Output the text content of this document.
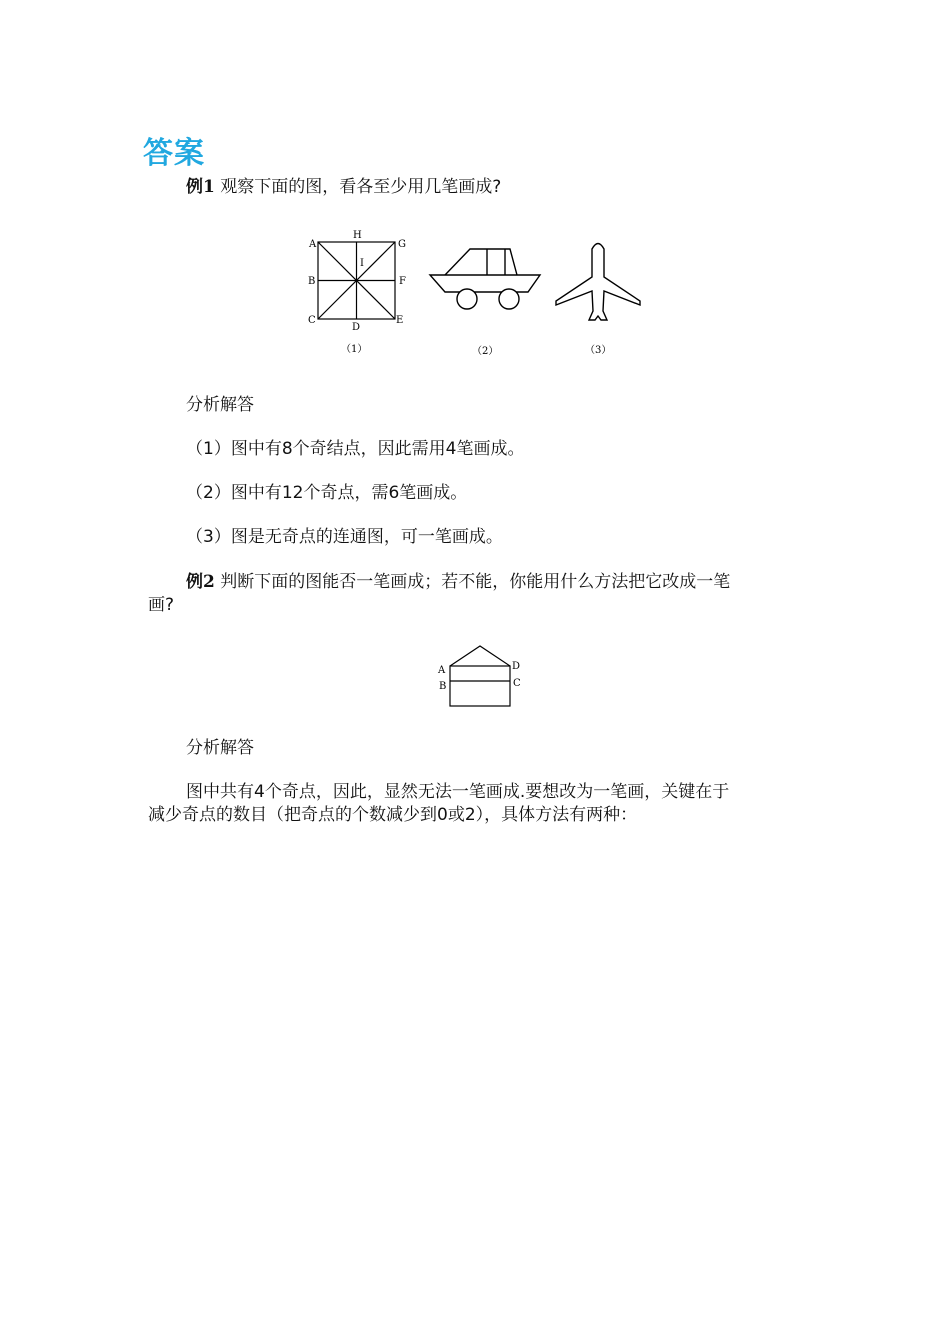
答案
例1 观察下面的图，看各至少用几笔画成?
A
H
G
I
B	F
C
D
E
（1）	（2）	（3）
分析解答
（1）图中有8个奇结点，因此需用4笔画成。
（2）图中有12个奇点，需6笔画成。
（3）图是无奇点的连通图，可一笔画成。
例2 判断下面的图能否一笔画成；若不能，你能用什么方法把它改成一笔
画?
A
B
D
C
分析解答
图中共有4个奇点，因此，显然无法一笔画成.要想改为一笔画，关键在于
减少奇点的数目（把奇点的个数减少到0或2），具体方法有两种：
